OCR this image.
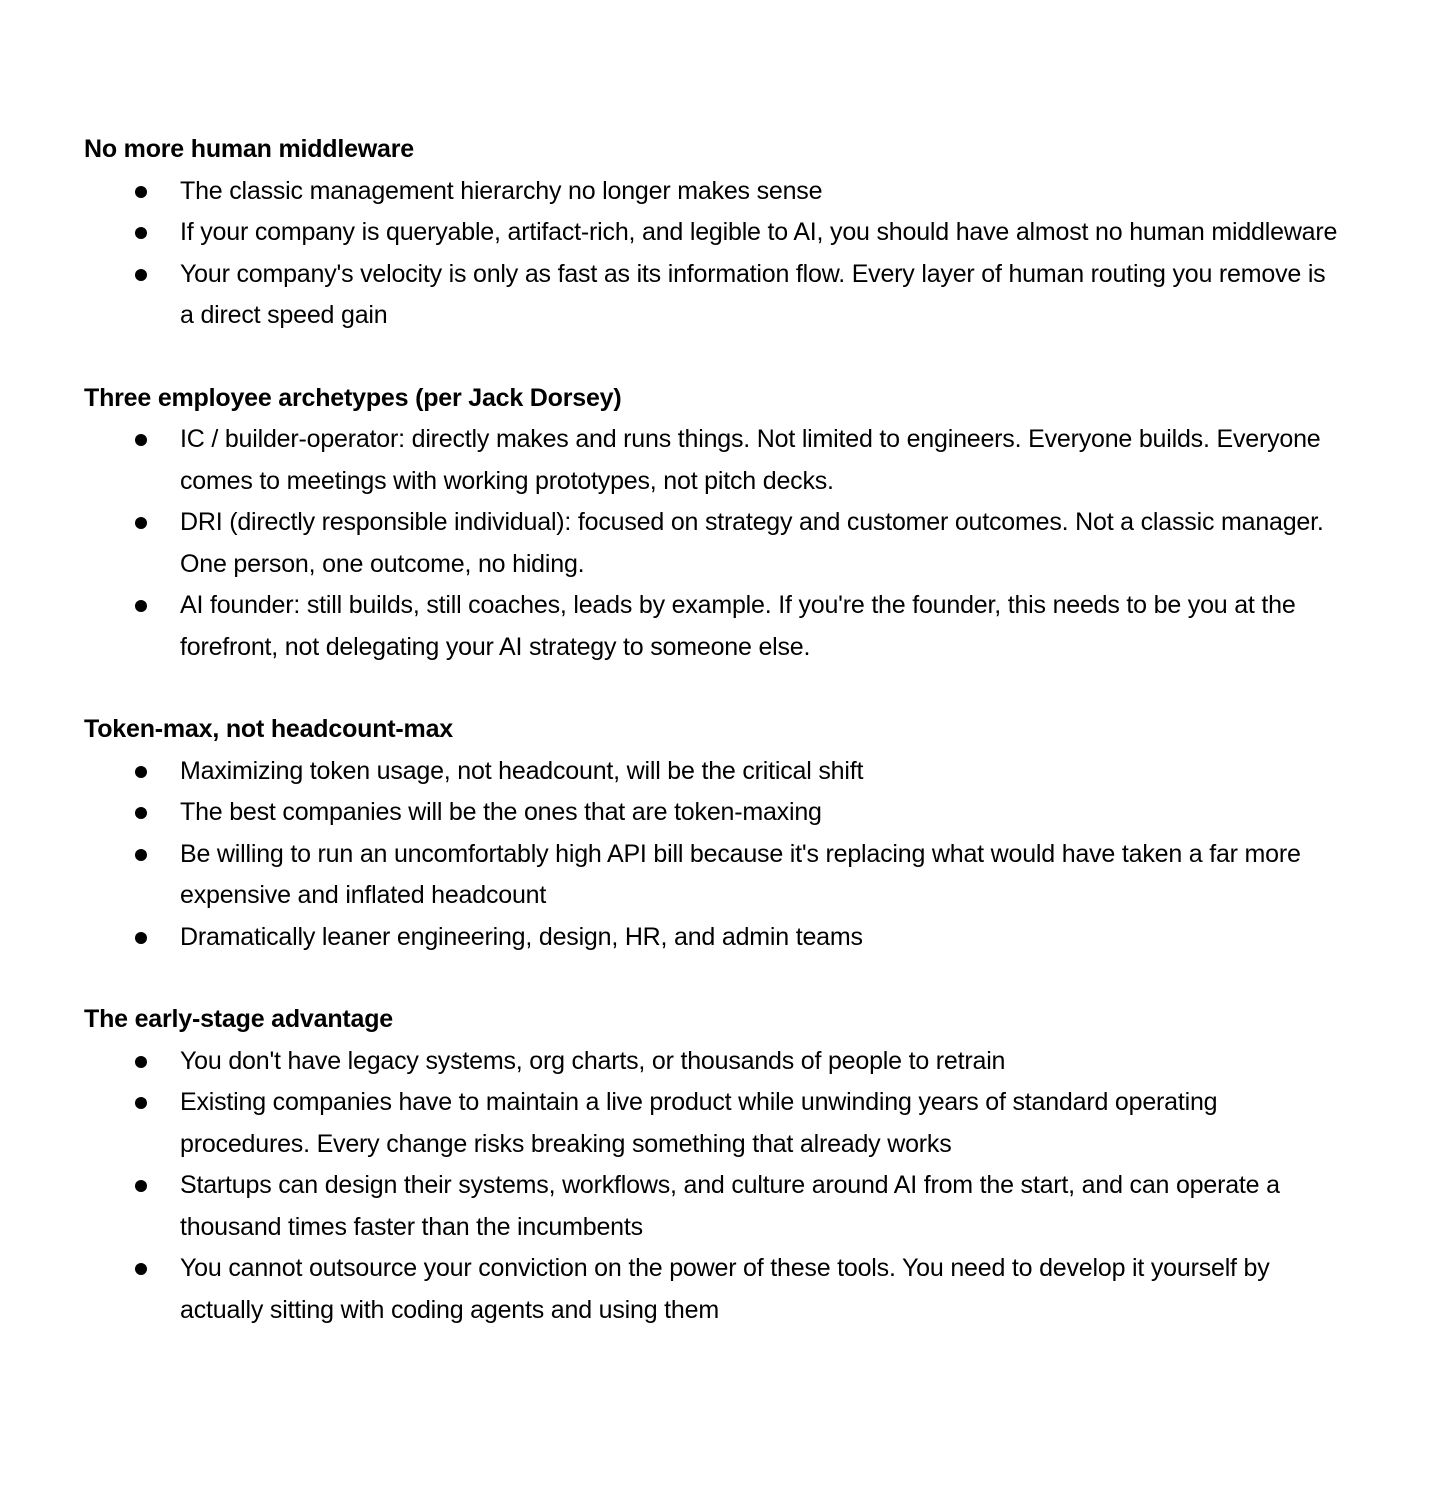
No more human middleware
The classic management hierarchy no longer makes sense
If your company is queryable, artifact-rich, and legible to AI, you should have almost no human middleware
Your company's velocity is only as fast as its information flow. Every layer of human routing you remove is a direct speed gain
Three employee archetypes (per Jack Dorsey)
IC / builder-operator: directly makes and runs things. Not limited to engineers. Everyone builds. Everyone comes to meetings with working prototypes, not pitch decks.
DRI (directly responsible individual): focused on strategy and customer outcomes. Not a classic manager. One person, one outcome, no hiding.
AI founder: still builds, still coaches, leads by example. If you're the founder, this needs to be you at the forefront, not delegating your AI strategy to someone else.
Token-max, not headcount-max
Maximizing token usage, not headcount, will be the critical shift
The best companies will be the ones that are token-maxing
Be willing to run an uncomfortably high API bill because it's replacing what would have taken a far more expensive and inflated headcount
Dramatically leaner engineering, design, HR, and admin teams
The early-stage advantage
You don't have legacy systems, org charts, or thousands of people to retrain
Existing companies have to maintain a live product while unwinding years of standard operating procedures. Every change risks breaking something that already works
Startups can design their systems, workflows, and culture around AI from the start, and can operate a thousand times faster than the incumbents
You cannot outsource your conviction on the power of these tools. You need to develop it yourself by actually sitting with coding agents and using them
